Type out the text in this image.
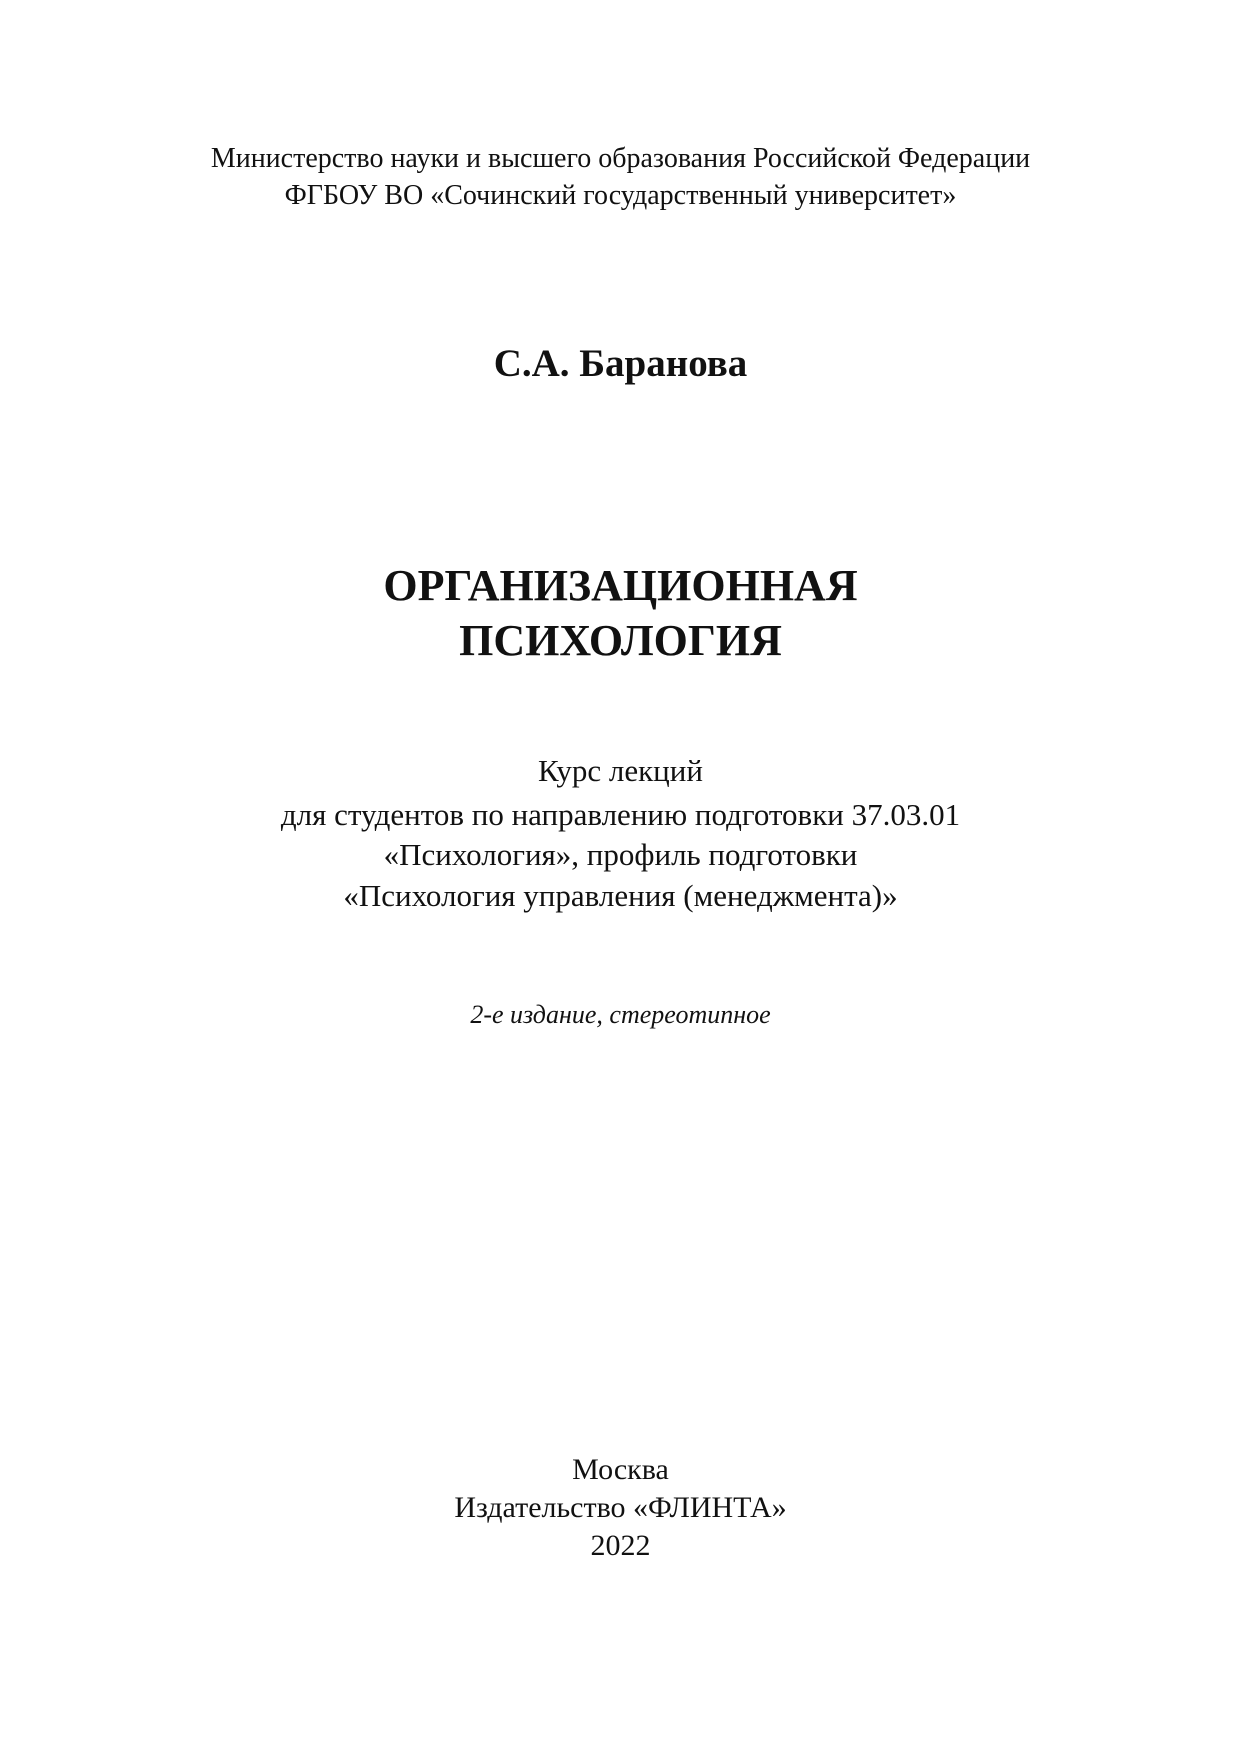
Министерство науки и высшего образования Российской Федерации
ФГБОУ ВО «Сочинский государственный университет»
С.А. Баранова
ОРГАНИЗАЦИОННАЯ
ПСИХОЛОГИЯ
Курс лекций
для студентов по направлению подготовки 37.03.01
«Психология», профиль подготовки
«Психология управления (менеджмента)»
2-е издание, стереотипное
Москва
Издательство «ФЛИНТА»
2022
